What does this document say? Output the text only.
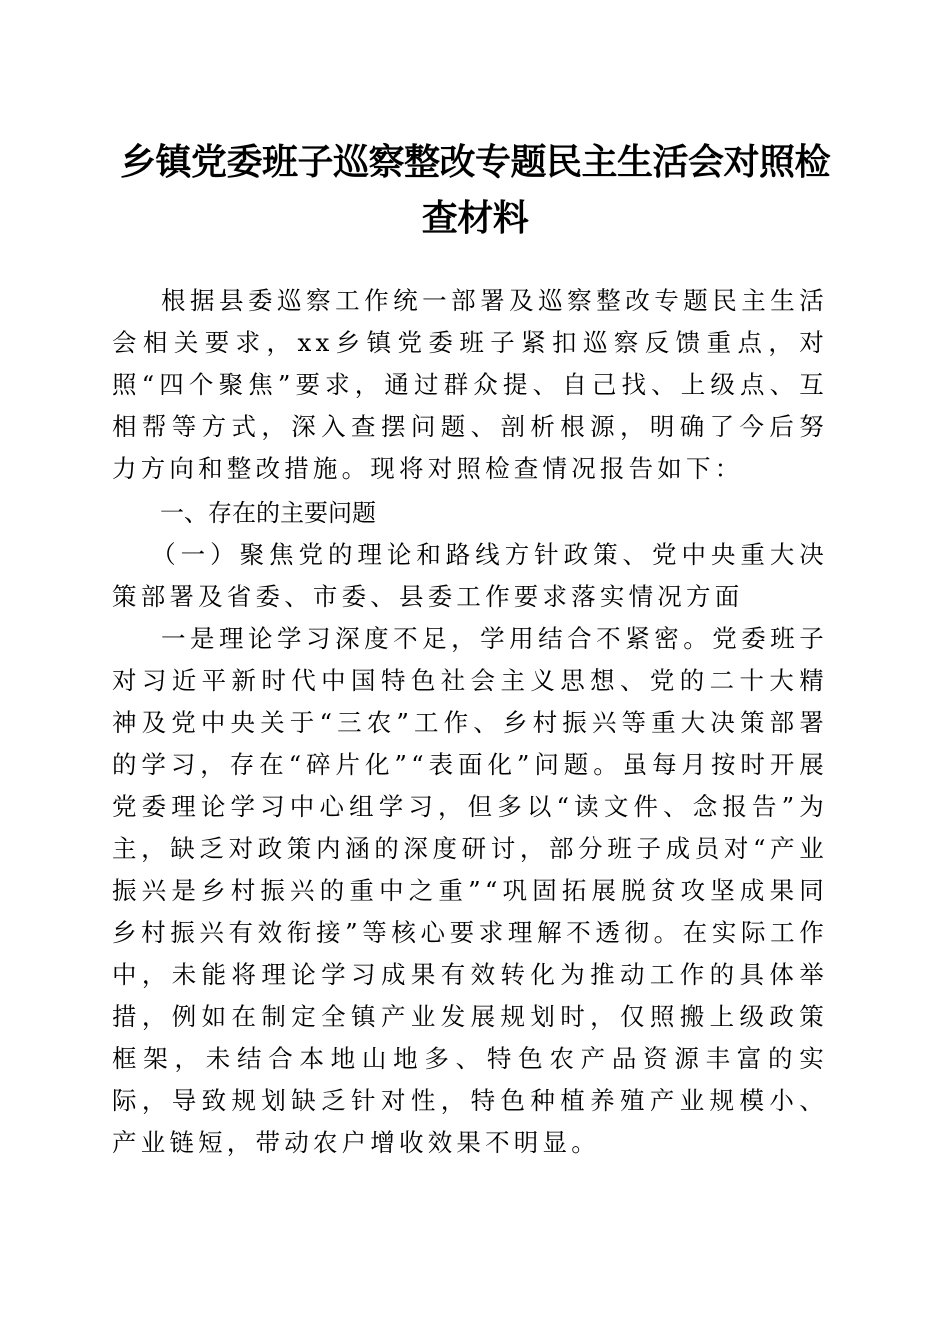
乡镇党委班子巡察整改专题民主生活会对照检查材料

根据县委巡察工作统一部署及巡察整改专题民主生活会相关要求，xx乡镇党委班子紧扣巡察反馈重点，对照“四个聚焦”要求，通过群众提、自己找、上级点、互相帮等方式，深入查摆问题、剖析根源，明确了今后努力方向和整改措施。现将对照检查情况报告如下：

一、存在的主要问题

（一）聚焦党的理论和路线方针政策、党中央重大决策部署及省委、市委、县委工作要求落实情况方面

一是理论学习深度不足，学用结合不紧密。党委班子对习近平新时代中国特色社会主义思想、党的二十大精神及党中央关于“三农”工作、乡村振兴等重大决策部署的学习，存在“碎片化”“表面化”问题。虽每月按时开展党委理论学习中心组学习，但多以“读文件、念报告”为主，缺乏对政策内涵的深度研讨，部分班子成员对“产业振兴是乡村振兴的重中之重”“巩固拓展脱贫攻坚成果同乡村振兴有效衔接”等核心要求理解不透彻。在实际工作中，未能将理论学习成果有效转化为推动工作的具体举措，例如在制定全镇产业发展规划时，仅照搬上级政策框架，未结合本地山地多、特色农产品资源丰富的实际，导致规划缺乏针对性，特色种植养殖产业规模小、产业链短，带动农户增收效果不明显。
